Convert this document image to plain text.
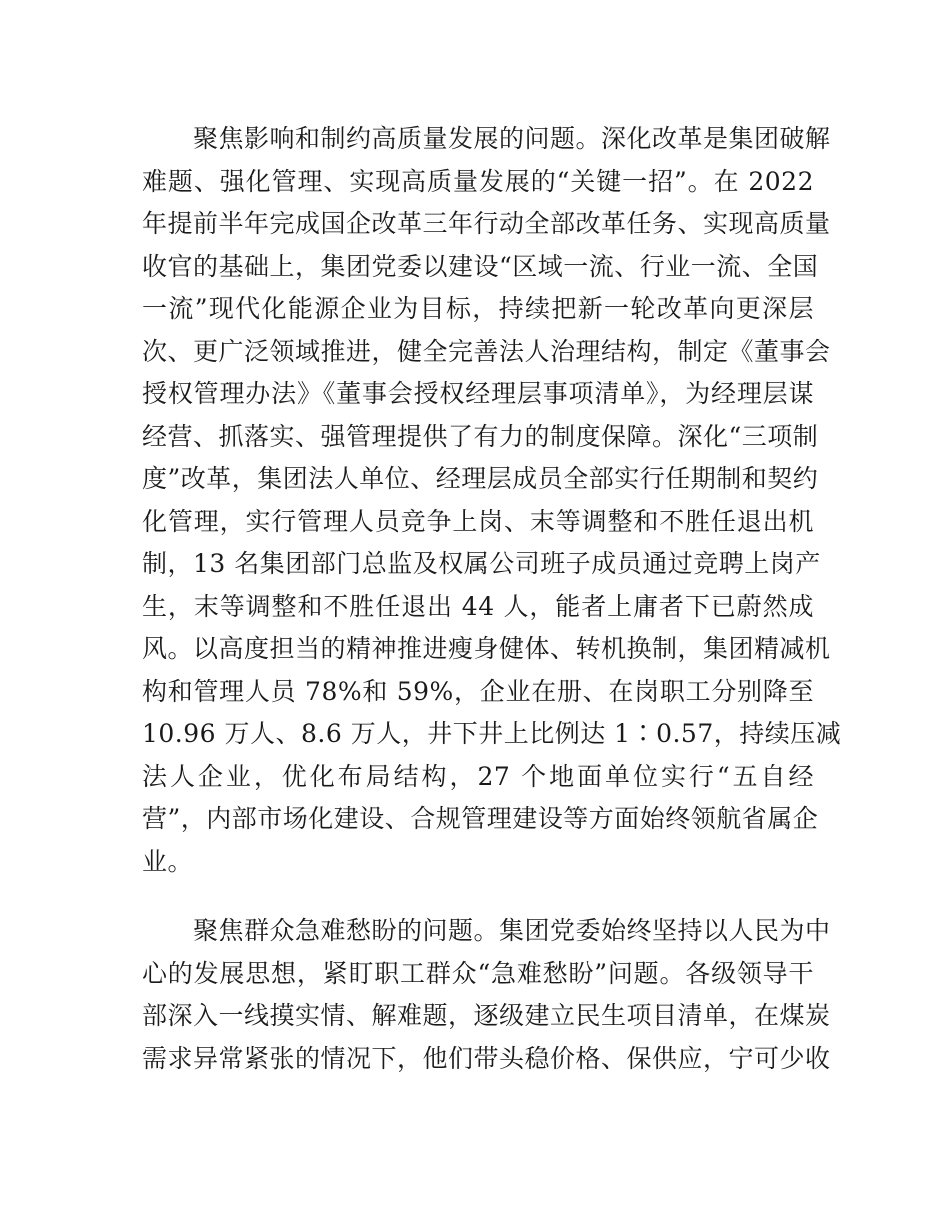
　　聚焦影响和制约高质量发展的问题。深化改革是集团破解
难题、强化管理、实现高质量发展的“关键一招”。在 2022
年提前半年完成国企改革三年行动全部改革任务、实现高质量
收官的基础上，集团党委以建设“区域一流、行业一流、全国
一流”现代化能源企业为目标，持续把新一轮改革向更深层
次、更广泛领域推进，健全完善法人治理结构，制定《董事会
授权管理办法》《董事会授权经理层事项清单》，为经理层谋
经营、抓落实、强管理提供了有力的制度保障。深化“三项制
度”改革，集团法人单位、经理层成员全部实行任期制和契约
化管理，实行管理人员竞争上岗、末等调整和不胜任退出机
制，13 名集团部门总监及权属公司班子成员通过竞聘上岗产
生，末等调整和不胜任退出 44 人，能者上庸者下已蔚然成
风。以高度担当的精神推进瘦身健体、转机换制，集团精减机
构和管理人员 78%和 59%，企业在册、在岗职工分别降至
10.96 万人、8.6 万人，井下井上比例达 1∶0.57，持续压减
法人企业，优化布局结构，27 个地面单位实行“五自经
营”，内部市场化建设、合规管理建设等方面始终领航省属企
业。
　　聚焦群众急难愁盼的问题。集团党委始终坚持以人民为中
心的发展思想，紧盯职工群众“急难愁盼”问题。各级领导干
部深入一线摸实情、解难题，逐级建立民生项目清单，在煤炭
需求异常紧张的情况下，他们带头稳价格、保供应，宁可少收
